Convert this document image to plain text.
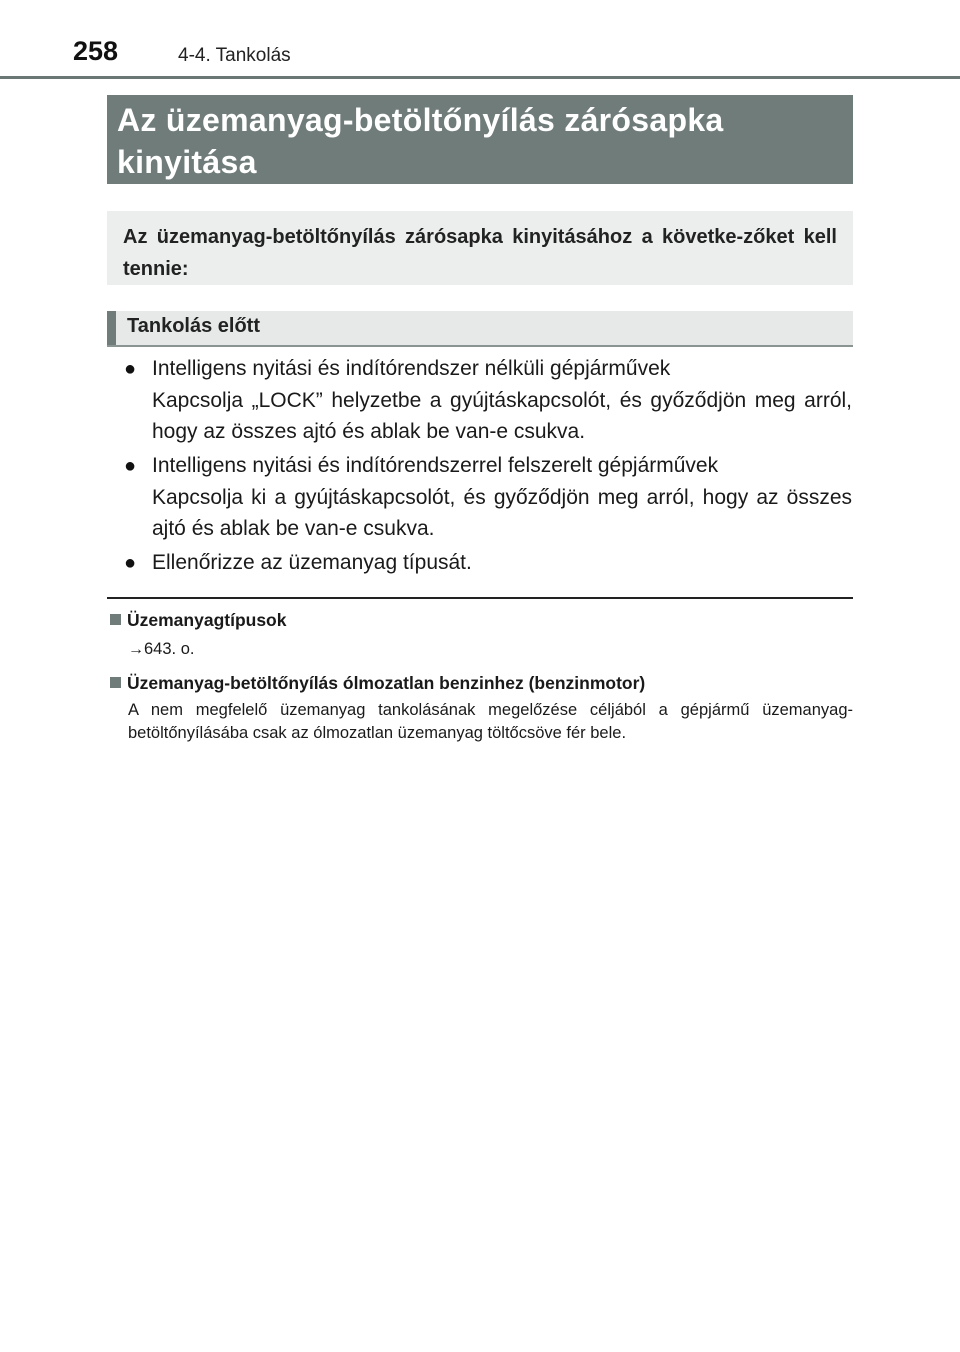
258	4-4. Tankolás
Az üzemanyag-betöltőnyílás zárósapka kinyitása

Az üzemanyag-betöltőnyílás zárósapka kinyitásához a követke-zőket kell tennie:

Tankolás előtt
● Intelligens nyitási és indítórendszer nélküli gépjárművek

Kapcsolja „LOCK” helyzetbe a gyújtáskapcsolót, és győződjön meg arról, hogy az összes ajtó és ablak be van-e csukva.

● Intelligens nyitási és indítórendszerrel felszerelt gépjárművek

Kapcsolja ki a gyújtáskapcsolót, és győződjön meg arról, hogy az összes ajtó és ablak be van-e csukva.

● Ellenőrizze az üzemanyag típusát.

Üzemanyagtípusok
→643. o.
Üzemanyag-betöltőnyílás ólmozatlan benzinhez (benzinmotor)
A nem megfelelő üzemanyag tankolásának megelőzése céljából a gépjármű üzemanyag-betöltőnyílásába csak az ólmozatlan üzemanyag töltőcsöve fér bele.
